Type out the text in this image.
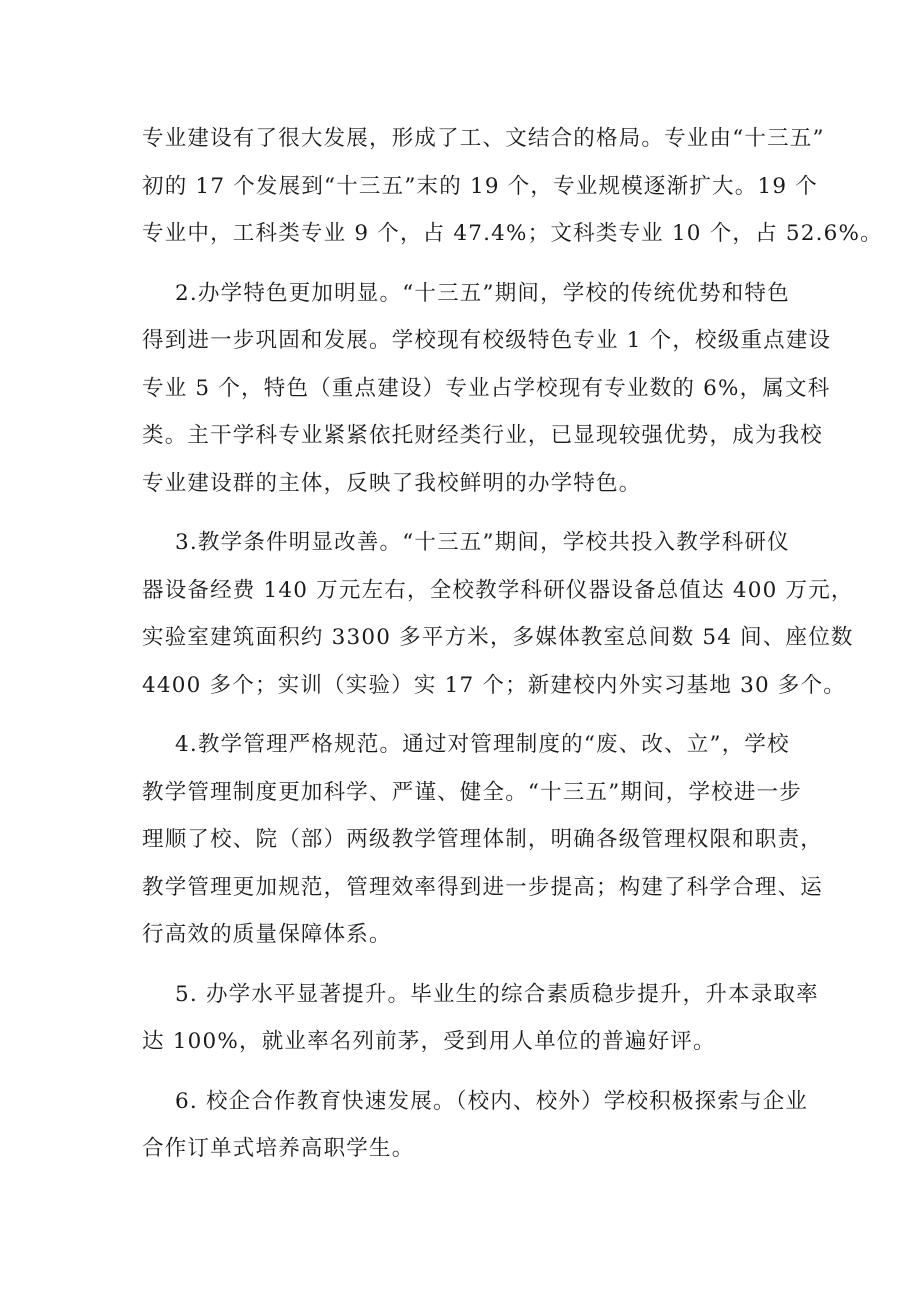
专业建设有了很大发展，形成了工、文结合的格局。专业由“十三五”
初的 17 个发展到“十三五”末的 19 个，专业规模逐渐扩大。19 个
专业中，工科类专业 9 个，占 47.4%；文科类专业 10 个，占 52.6%。
2.办学特色更加明显。“十三五”期间，学校的传统优势和特色
得到进一步巩固和发展。学校现有校级特色专业 1 个，校级重点建设
专业 5 个，特色（重点建设）专业占学校现有专业数的 6%，属文科
类。主干学科专业紧紧依托财经类行业，已显现较强优势，成为我校
专业建设群的主体，反映了我校鲜明的办学特色。
3.教学条件明显改善。“十三五”期间，学校共投入教学科研仪
器设备经费 140 万元左右，全校教学科研仪器设备总值达 400 万元，
实验室建筑面积约 3300 多平方米，多媒体教室总间数 54 间、座位数
4400 多个；实训（实验）实 17 个；新建校内外实习基地 30 多个。
4.教学管理严格规范。通过对管理制度的“废、改、立”，学校
教学管理制度更加科学、严谨、健全。“十三五”期间，学校进一步
理顺了校、院（部）两级教学管理体制，明确各级管理权限和职责，
教学管理更加规范，管理效率得到进一步提高；构建了科学合理、运
行高效的质量保障体系。
5. 办学水平显著提升。毕业生的综合素质稳步提升，升本录取率
达 100%，就业率名列前茅，受到用人单位的普遍好评。
6. 校企合作教育快速发展。（校内、校外）学校积极探索与企业
合作订单式培养高职学生。
